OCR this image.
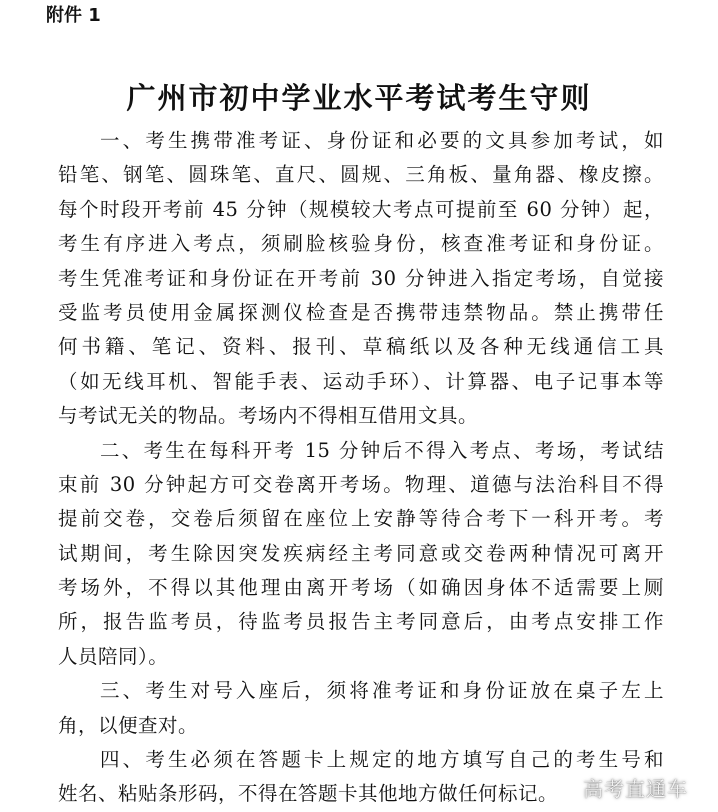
附件 1
广州市初中学业水平考试考生守则
一、考生携带准考证、身份证和必要的文具参加考试，如
铅笔、钢笔、圆珠笔、直尺、圆规、三角板、量角器、橡皮擦。
每个时段开考前 45 分钟（规模较大考点可提前至 60 分钟）起，
考生有序进入考点，须刷脸核验身份，核查准考证和身份证。
考生凭准考证和身份证在开考前 30 分钟进入指定考场，自觉接
受监考员使用金属探测仪检查是否携带违禁物品。禁止携带任
何书籍、笔记、资料、报刊、草稿纸以及各种无线通信工具
（如无线耳机、智能手表、运动手环）、计算器、电子记事本等
与考试无关的物品。考场内不得相互借用文具。
二、考生在每科开考 15 分钟后不得入考点、考场，考试结
束前 30 分钟起方可交卷离开考场。物理、道德与法治科目不得
提前交卷，交卷后须留在座位上安静等待合考下一科开考。考
试期间，考生除因突发疾病经主考同意或交卷两种情况可离开
考场外，不得以其他理由离开考场（如确因身体不适需要上厕
所，报告监考员，待监考员报告主考同意后，由考点安排工作
人员陪同）。
三、考生对号入座后，须将准考证和身份证放在桌子左上
角，以便查对。
四、考生必须在答题卡上规定的地方填写自己的考生号和
姓名、粘贴条形码，不得在答题卡其他地方做任何标记。	高考直通车
